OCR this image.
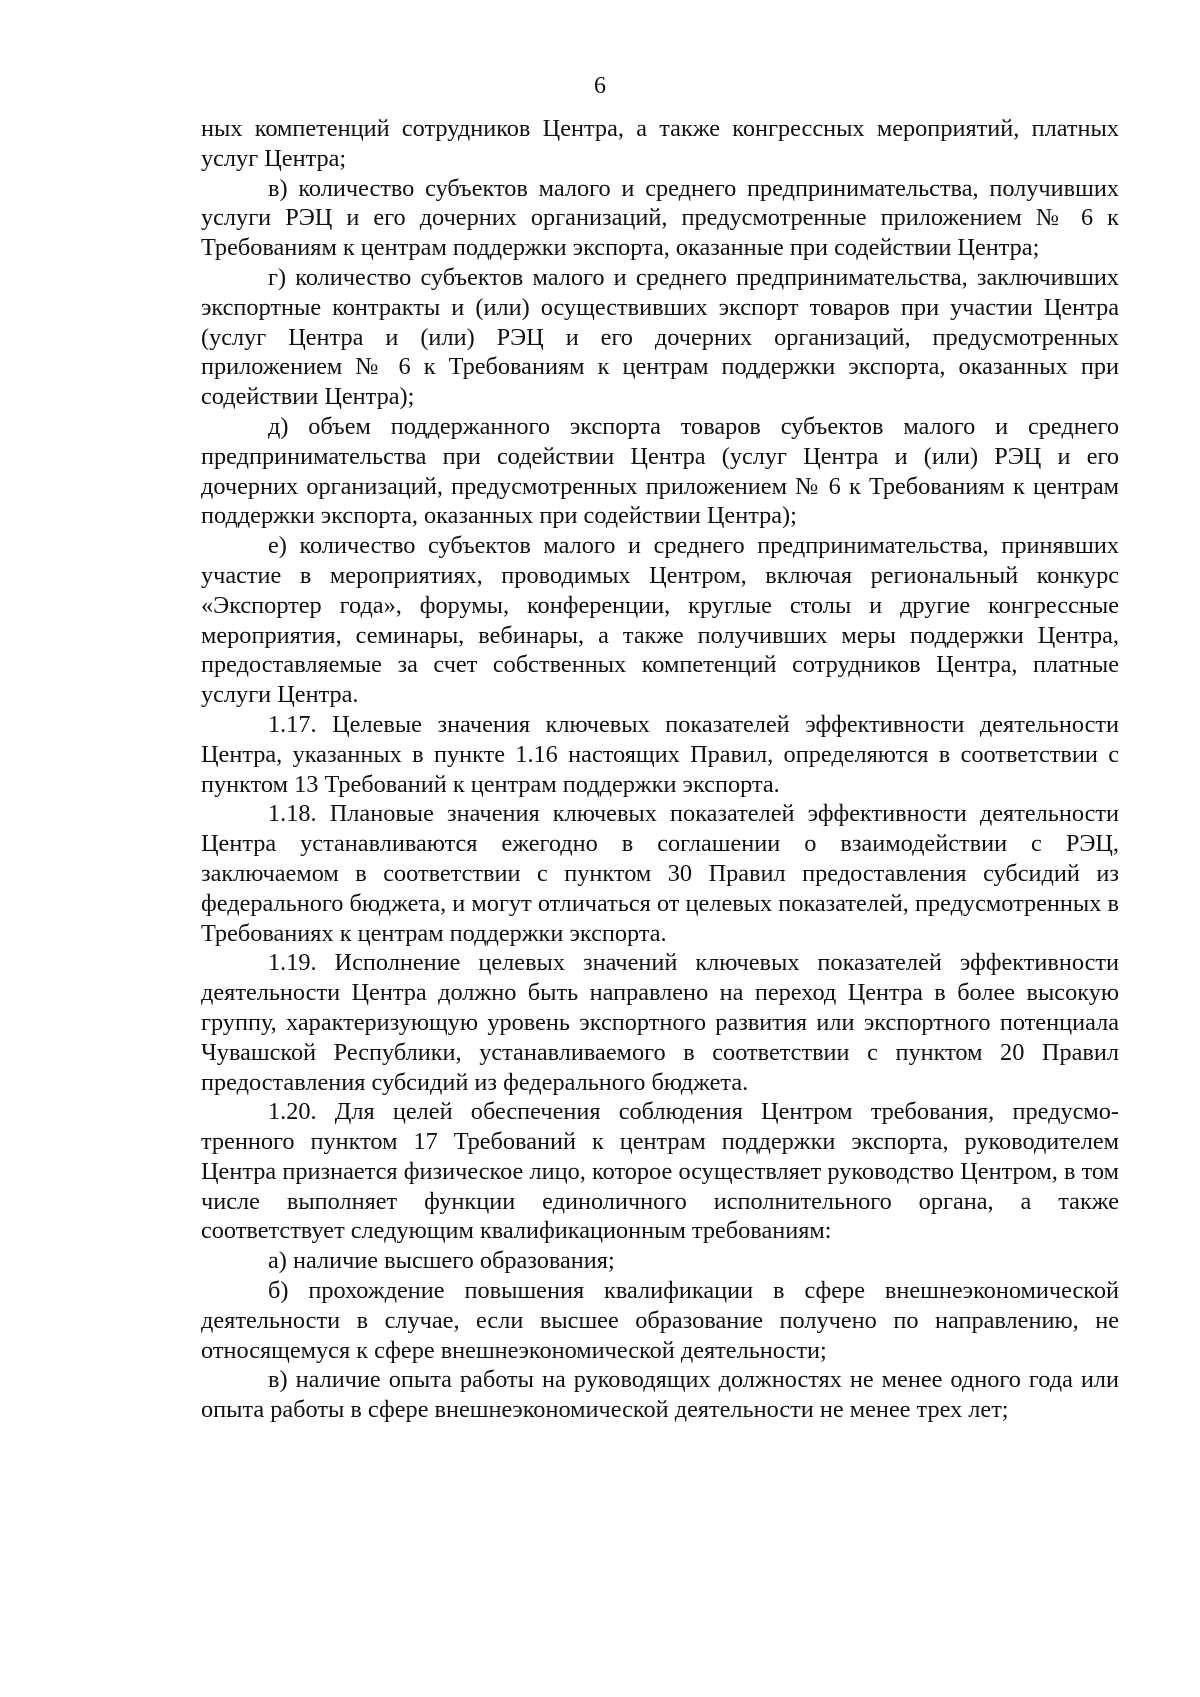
6

ных компетенций сотрудников Центра, а также конгрессных мероприятий, платных услуг Центра;

в) количество субъектов малого и среднего предпринимательства, получивших услуги РЭЦ и его дочерних организаций, предусмотренные приложением № 6 к Требованиям к центрам поддержки экспорта, оказанные при содействии Центра;

г) количество субъектов малого и среднего предпринимательства, заключивших экспортные контракты и (или) осуществивших экспорт товаров при участии Центра (услуг Центра и (или) РЭЦ и его дочерних организаций, предусмотренных приложением № 6 к Требованиям к центрам поддержки экспорта, оказанных при содействии Центра);

д) объем поддержанного экспорта товаров субъектов малого и среднего предпринимательства при содействии Центра (услуг Центра и (или) РЭЦ и его дочерних организаций, предусмотренных приложением № 6 к Требованиям к центрам поддержки экспорта, оказанных при содействии Центра);

е) количество субъектов малого и среднего предпринимательства, принявших участие в мероприятиях, проводимых Центром, включая региональный конкурс «Экспортер года», форумы, конференции, круглые столы и другие конгрессные мероприятия, семинары, вебинары, а также получивших меры поддержки Центра, предоставляемые за счет собственных компетенций сотрудников Центра, платные услуги Центра.

1.17. Целевые значения ключевых показателей эффективности деятельности Центра, указанных в пункте 1.16 настоящих Правил, определяются в соответствии с пунктом 13 Требований к центрам поддержки экспорта.

1.18. Плановые значения ключевых показателей эффективности деятельности Центра устанавливаются ежегодно в соглашении о взаимодействии с РЭЦ, заключаемом в соответствии с пунктом 30 Правил предоставления субсидий из федерального бюджета, и могут отличаться от целевых показателей, предусмотренных в Требованиях к центрам поддержки экспорта.

1.19. Исполнение целевых значений ключевых показателей эффективности деятельности Центра должно быть направлено на переход Центра в более высокую группу, характеризующую уровень экспортного развития или экспортного потенциала Чувашской Республики, устанавливаемого в соответствии с пунктом 20 Правил предоставления субсидий из федерального бюджета.

1.20. Для целей обеспечения соблюдения Центром требования, предусмотренного пунктом 17 Требований к центрам поддержки экспорта, руководителем Центра признается физическое лицо, которое осуществляет руководство Центром, в том числе выполняет функции единоличного исполнительного органа, а также соответствует следующим квалификационным требованиям:

а) наличие высшего образования;

б) прохождение повышения квалификации в сфере внешнеэкономической деятельности в случае, если высшее образование получено по направлению, не относящемуся к сфере внешнеэкономической деятельности;

в) наличие опыта работы на руководящих должностях не менее одного года или опыта работы в сфере внешнеэкономической деятельности не менее трех лет;
